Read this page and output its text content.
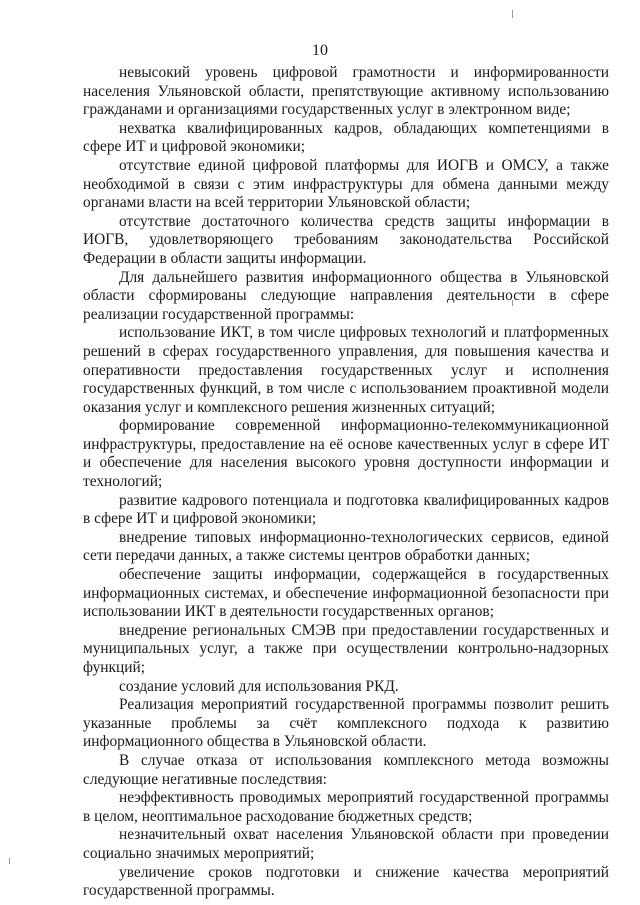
10

невысокий уровень цифровой грамотности и информированности населения Ульяновской области, препятствующие активному использованию гражданами и организациями государственных услуг в электронном виде;

нехватка квалифицированных кадров, обладающих компетенциями в сфере ИТ и цифровой экономики;

отсутствие единой цифровой платформы для ИОГВ и ОМСУ, а также необходимой в связи с этим инфраструктуры для обмена данными между органами власти на всей территории Ульяновской области;

отсутствие достаточного количества средств защиты информации в ИОГВ, удовлетворяющего требованиям законодательства Российской Федерации в области защиты информации.

Для дальнейшего развития информационного общества в Ульяновской области сформированы следующие направления деятельности в сфере реализации государственной программы:

использование ИКТ, в том числе цифровых технологий и платформенных решений в сферах государственного управления, для повышения качества и оперативности предоставления государственных услуг и исполнения государственных функций, в том числе с использованием проактивной модели оказания услуг и комплексного решения жизненных ситуаций;

формирование современной информационно-телекоммуникационной инфраструктуры, предоставление на её основе качественных услуг в сфере ИТ и обеспечение для населения высокого уровня доступности информации и технологий;

развитие кадрового потенциала и подготовка квалифицированных кадров в сфере ИТ и цифровой экономики;

внедрение типовых информационно-технологических сервисов, единой сети передачи данных, а также системы центров обработки данных;

обеспечение защиты информации, содержащейся в государственных информационных системах, и обеспечение информационной безопасности при использовании ИКТ в деятельности государственных органов;

внедрение региональных СМЭВ при предоставлении государственных и муниципальных услуг, а также при осуществлении контрольно-надзорных функций;

создание условий для использования РКД.

Реализация мероприятий государственной программы позволит решить указанные проблемы за счёт комплексного подхода к развитию информационного общества в Ульяновской области.

В случае отказа от использования комплексного метода возможны следующие негативные последствия:

неэффективность проводимых мероприятий государственной программы в целом, неоптимальное расходование бюджетных средств;

незначительный охват населения Ульяновской области при проведении социально значимых мероприятий;

увеличение сроков подготовки и снижение качества мероприятий государственной программы.
